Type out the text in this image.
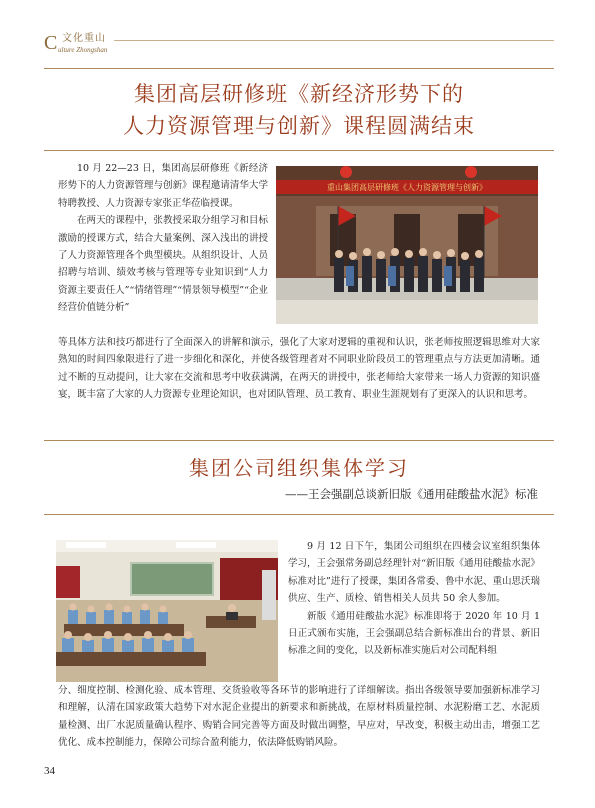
C 文化重山
ulture Zhongshan
集团高层研修班《新经济形势下的
人力资源管理与创新》课程圆满结束

10 月 22—23 日，集团高层研修班《新经济形势下的人力资源管理与创新》课程邀请清华大学特聘教授、人力资源专家张正华莅临授课。

在两天的课程中，张教授采取分组学习和目标激励的授课方式，结合大量案例、深入浅出的讲授了人力资源管理各个典型模块。从组织设计、人员招聘与培训、绩效考核与管理等专业知识到“人力资源主要责任人”“情绪管理”“情景领导模型”“企业经营价值链分析”

重山集团高层研修班《人力资源管理与创新》

等具体方法和技巧都进行了全面深入的讲解和演示，强化了大家对逻辑的重视和认识，张老师按照逻辑思维对大家熟知的时间四象限进行了进一步细化和深化，并使各级管理者对不同职业阶段员工的管理重点与方法更加清晰。通过不断的互动提问，让大家在交流和思考中收获满满，在两天的讲授中，张老师给大家带来一场人力资源的知识盛宴，既丰富了大家的人力资源专业理论知识，也对团队管理、员工教育、职业生涯规划有了更深入的认识和思考。

集团公司组织集体学习
——王会强副总谈新旧版《通用硅酸盐水泥》标准

9 月 12 日下午，集团公司组织在四楼会议室组织集体学习，王会强常务副总经理针对“新旧版《通用硅酸盐水泥》标准对比”进行了授课，集团各常委、鲁中水泥、重山思沃瑞供应、生产、质检、销售相关人员共 50 余人参加。

新版《通用硅酸盐水泥》标准即将于 2020 年 10 月 1 日正式颁布实施，王会强副总结合新标准出台的背景、新旧标准之间的变化，以及新标准实施后对公司配料组

分、细度控制、检测化验、成本管理、交货验收等各环节的影响进行了详细解读。指出各级领导要加强新标准学习和理解，认清在国家政策大趋势下对水泥企业提出的新要求和新挑战，在原材料质量控制、水泥粉磨工艺、水泥质量检测、出厂水泥质量确认程序、购销合同完善等方面及时做出调整，早应对，早改变，积极主动出击，增强工艺优化、成本控制能力，保障公司综合盈利能力，依法降低购销风险。

34
